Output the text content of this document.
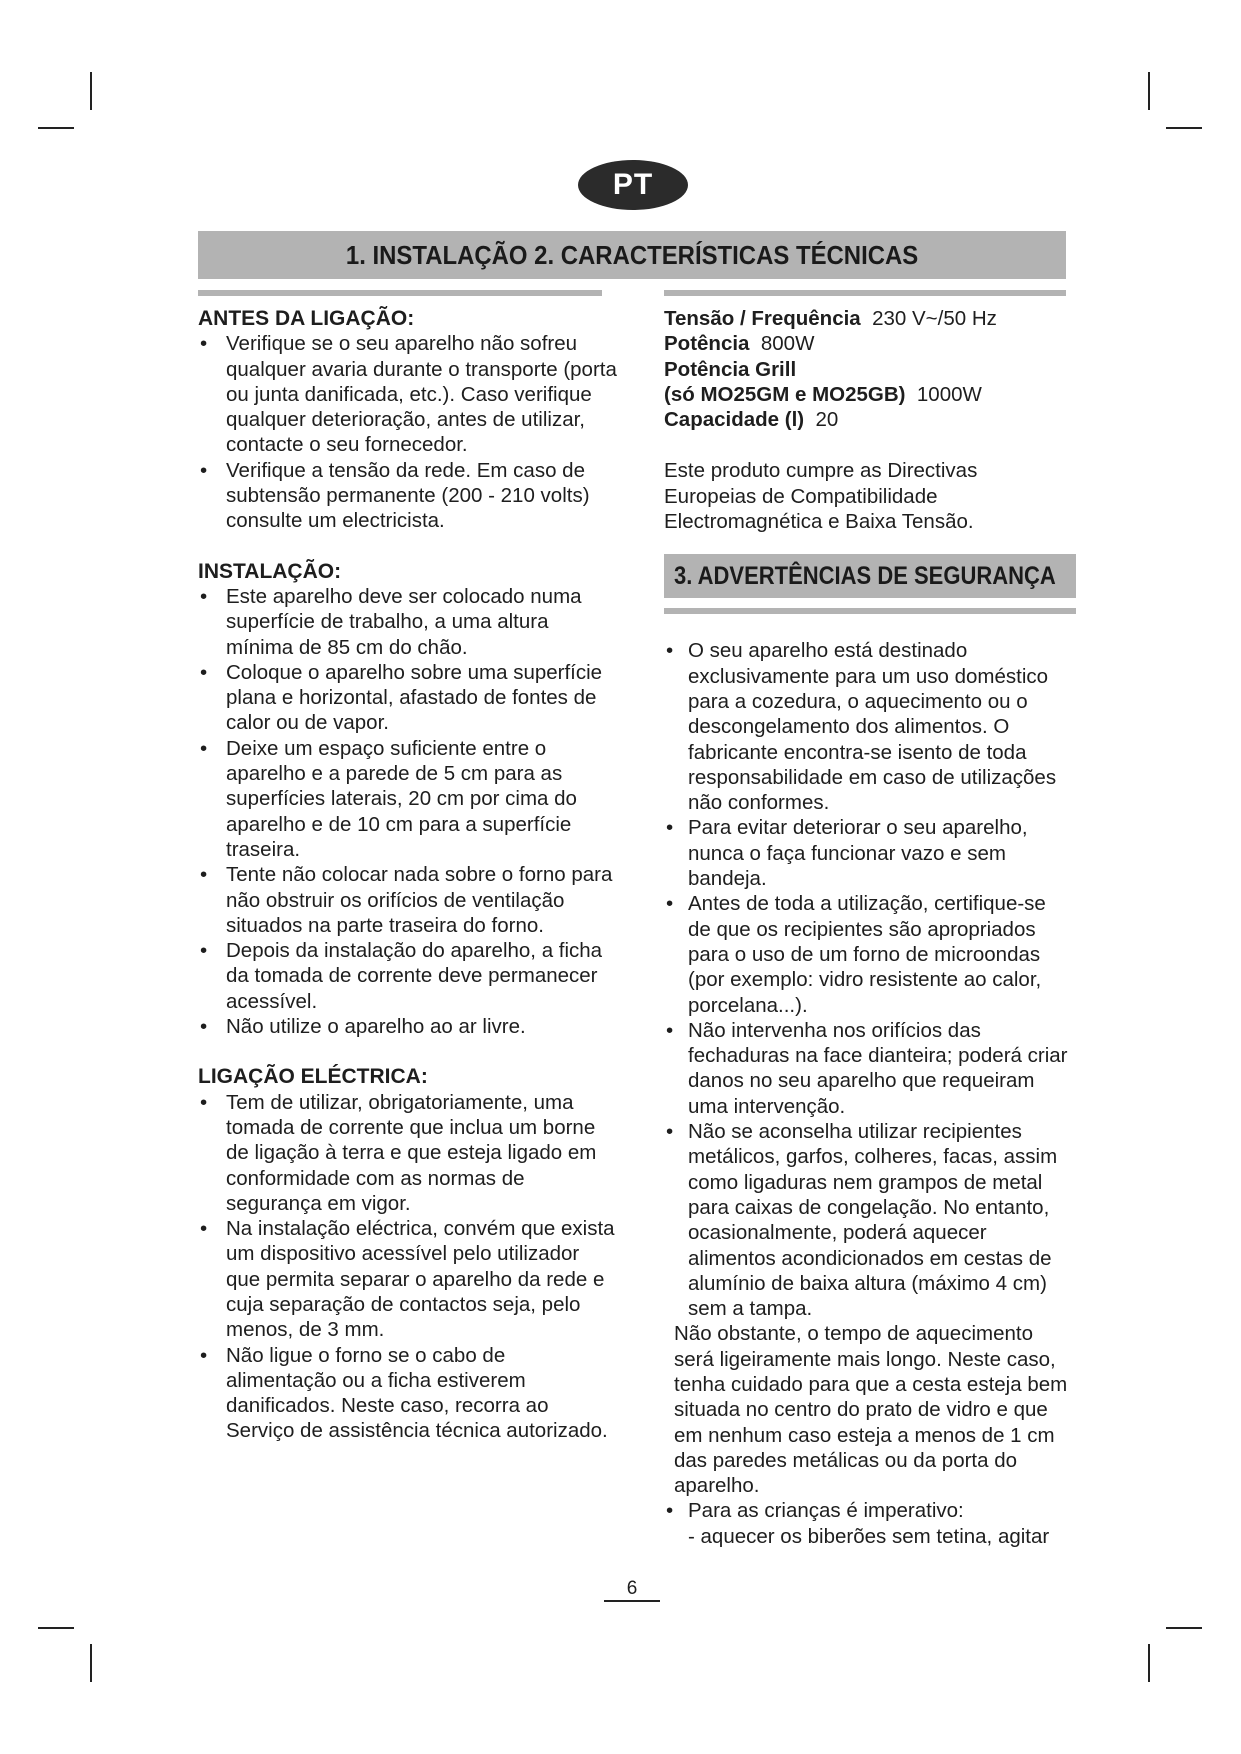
PT
1. INSTALAÇÃO 2. CARACTERÍSTICAS TÉCNICAS

ANTES DA LIGAÇÃO:

• Verifique se o seu aparelho não sofreu qualquer avaria durante o transporte (porta ou junta danificada, etc.). Caso verifique qualquer deterioração, antes de utilizar, contacte o seu fornecedor.
• Verifique a tensão da rede. Em caso de subtensão permanente (200 - 210 volts) consulte um electricista.

INSTALAÇÃO:

• Este aparelho deve ser colocado numa superfície de trabalho, a uma altura mínima de 85 cm do chão.
• Coloque o aparelho sobre uma superfície plana e horizontal, afastado de fontes de calor ou de vapor.
• Deixe um espaço suficiente entre o aparelho e a parede de 5 cm para as superfícies laterais, 20 cm por cima do aparelho e de 10 cm para a superfície traseira.
• Tente não colocar nada sobre o forno para não obstruir os orifícios de ventilação situados na parte traseira do forno.
• Depois da instalação do aparelho, a ficha da tomada de corrente deve permanecer acessível.
• Não utilize o aparelho ao ar livre.

LIGAÇÃO ELÉCTRICA:

• Tem de utilizar, obrigatoriamente, uma tomada de corrente que inclua um borne de ligação à terra e que esteja ligado em conformidade com as normas de segurança em vigor.
• Na instalação eléctrica, convém que exista um dispositivo acessível pelo utilizador que permita separar o aparelho da rede e cuja separação de contactos seja, pelo menos, de 3 mm.
• Não ligue o forno se o cabo de alimentação ou a ficha estiverem danificados. Neste caso, recorra ao Serviço de assistência técnica autorizado.

Tensão / Frequência 230 V~/50 Hz

Potência 800W

Potência Grill

(só MO25GM e MO25GB) 1000W

Capacidade (l) 20

Este produto cumpre as Directivas Europeias de Compatibilidade Electromagnética e Baixa Tensão.

3. ADVERTÊNCIAS DE SEGURANÇA
• O seu aparelho está destinado exclusivamente para um uso doméstico para a cozedura, o aquecimento ou o descongelamento dos alimentos. O fabricante encontra-se isento de toda responsabilidade em caso de utilizações não conformes.
• Para evitar deteriorar o seu aparelho, nunca o faça funcionar vazo e sem bandeja.
• Antes de toda a utilização, certifique-se de que os recipientes são apropriados para o uso de um forno de microondas (por exemplo: vidro resistente ao calor, porcelana...).
• Não intervenha nos orifícios das fechaduras na face dianteira; poderá criar danos no seu aparelho que requeiram uma intervenção.
• Não se aconselha utilizar recipientes metálicos, garfos, colheres, facas, assim como ligaduras nem grampos de metal para caixas de congelação. No entanto, ocasionalmente, poderá aquecer alimentos acondicionados em cestas de alumínio de baixa altura (máximo 4 cm) sem a tampa.

Não obstante, o tempo de aquecimento será ligeiramente mais longo. Neste caso, tenha cuidado para que a cesta esteja bem situada no centro do prato de vidro e que em nenhum caso esteja a menos de 1 cm das paredes metálicas ou da porta do aparelho.

• Para as crianças é imperativo:

- aquecer os biberões sem tetina, agitar

6
